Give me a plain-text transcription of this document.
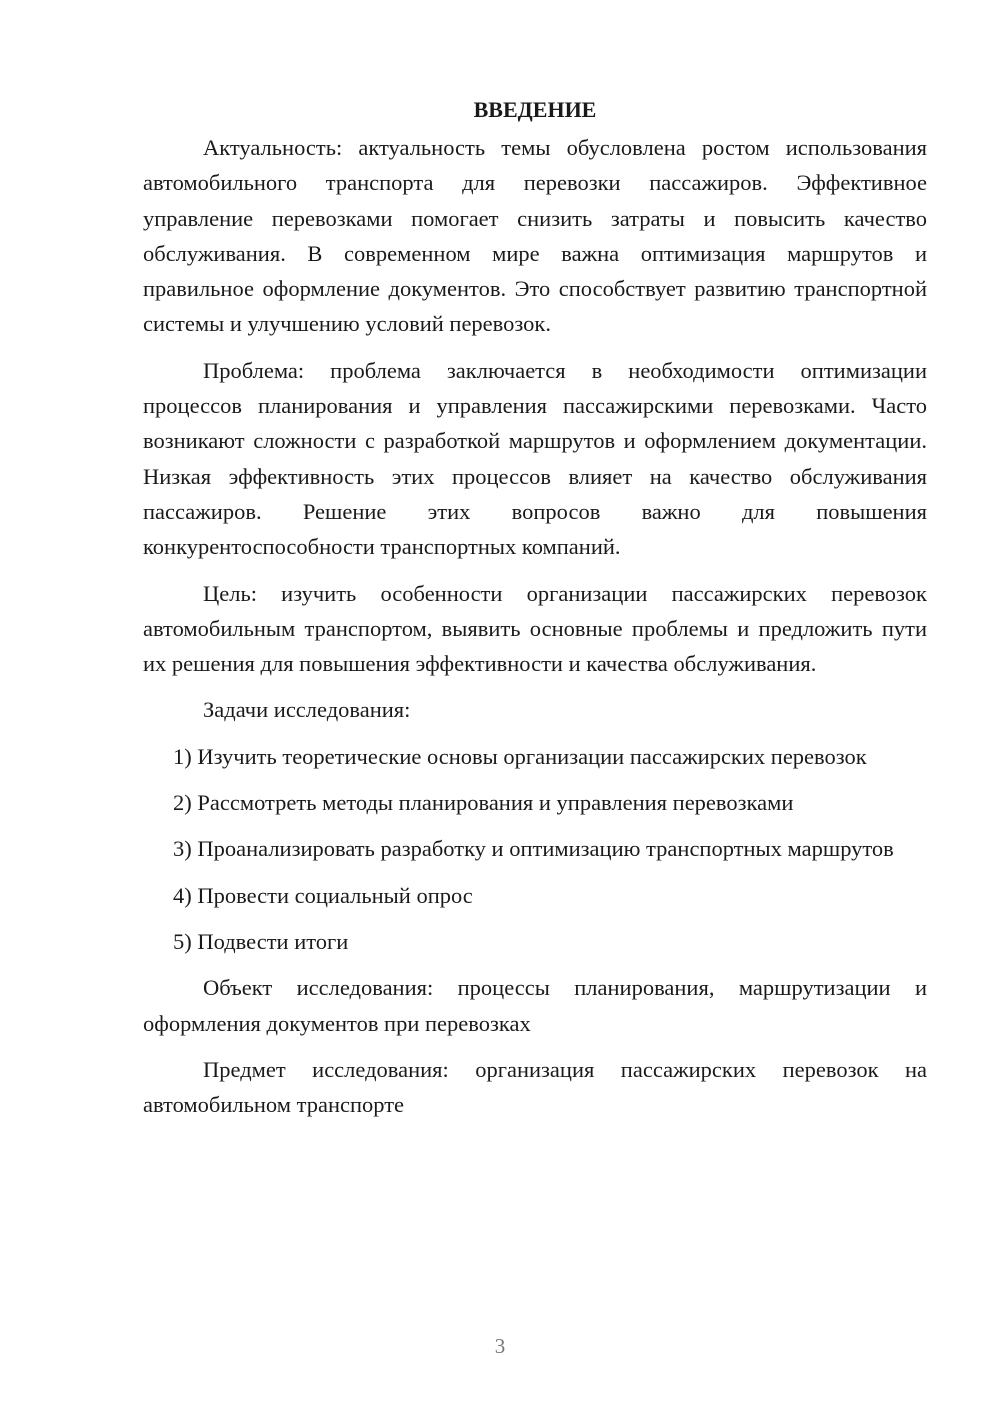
ВВЕДЕНИЕ

Актуальность: актуальность темы обусловлена ростом использования автомобильного транспорта для перевозки пассажиров. Эффективное управление перевозками помогает снизить затраты и повысить качество обслуживания. В современном мире важна оптимизация маршрутов и правильное оформление документов. Это способствует развитию транспортной системы и улучшению условий перевозок.

Проблема: проблема заключается в необходимости оптимизации процессов планирования и управления пассажирскими перевозками. Часто возникают сложности с разработкой маршрутов и оформлением документации. Низкая эффективность этих процессов влияет на качество обслуживания пассажиров. Решение этих вопросов важно для повышения конкурентоспособности транспортных компаний.

Цель: изучить особенности организации пассажирских перевозок автомобильным транспортом, выявить основные проблемы и предложить пути их решения для повышения эффективности и качества обслуживания.

Задачи исследования:

1) Изучить теоретические основы организации пассажирских перевозок

2) Рассмотреть методы планирования и управления перевозками

3) Проанализировать разработку и оптимизацию транспортных маршрутов

4) Провести социальный опрос

5) Подвести итоги

Объект исследования: процессы планирования, маршрутизации и оформления документов при перевозках

Предмет исследования: организация пассажирских перевозок на автомобильном транспорте

3
